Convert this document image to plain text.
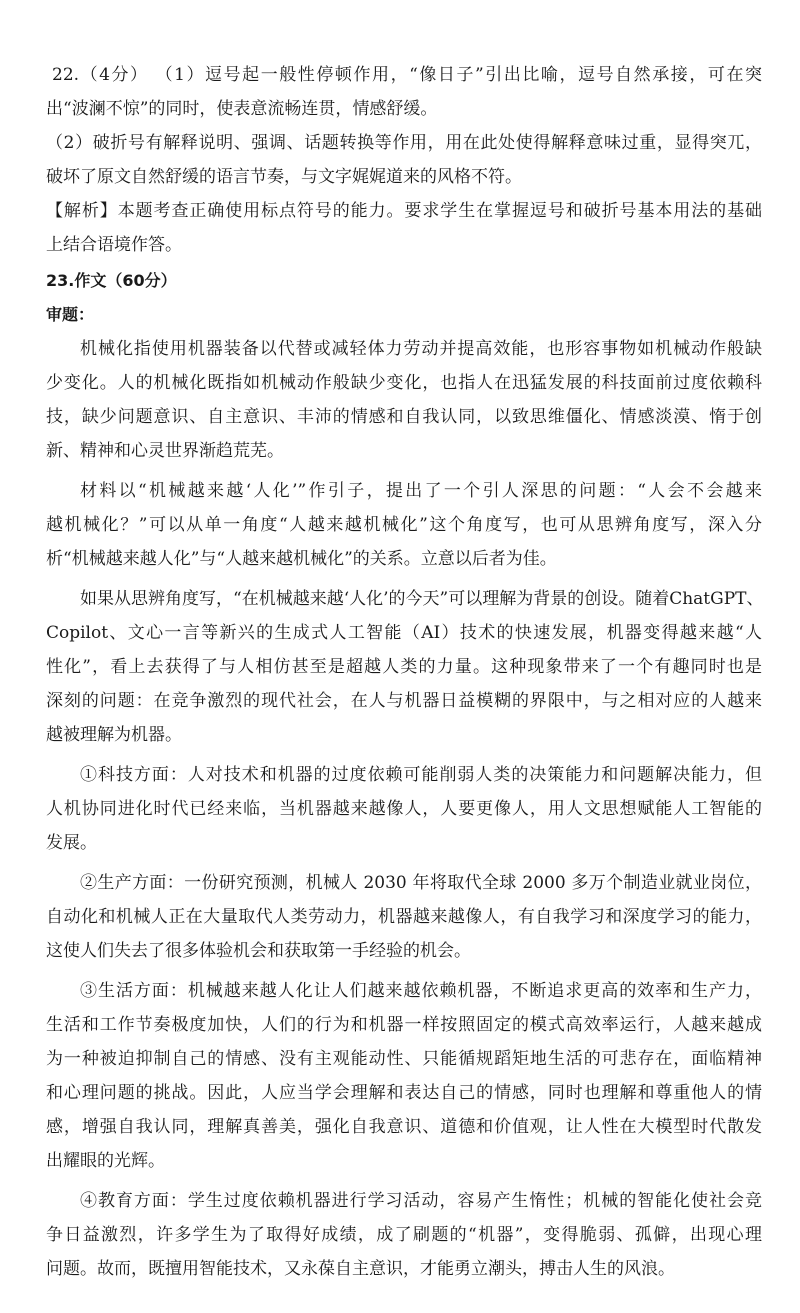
22.（4分） （1）逗号起一般性停顿作用，“像日子”引出比喻，逗号自然承接，可在突
出“波澜不惊”的同时，使表意流畅连贯，情感舒缓。
（2）破折号有解释说明、强调、话题转换等作用，用在此处使得解释意味过重，显得突兀，
破坏了原文自然舒缓的语言节奏，与文字娓娓道来的风格不符。
【解析】本题考查正确使用标点符号的能力。要求学生在掌握逗号和破折号基本用法的基础
上结合语境作答。
23.作文（60分）
审题：
机械化指使用机器装备以代替或减轻体力劳动并提高效能，也形容事物如机械动作般缺
少变化。人的机械化既指如机械动作般缺少变化，也指人在迅猛发展的科技面前过度依赖科
技，缺少问题意识、自主意识、丰沛的情感和自我认同，以致思维僵化、情感淡漠、惰于创
新、精神和心灵世界渐趋荒芜。
材料以“机械越来越‘人化’”作引子，提出了一个引人深思的问题：“人会不会越来
越机械化？”可以从单一角度“人越来越机械化”这个角度写，也可从思辨角度写，深入分
析“机械越来越人化”与“人越来越机械化”的关系。立意以后者为佳。
如果从思辨角度写，“在机械越来越‘人化’的今天”可以理解为背景的创设。随着ChatGPT、
Copilot、文心一言等新兴的生成式人工智能（AI）技术的快速发展，机器变得越来越“人
性化”，看上去获得了与人相仿甚至是超越人类的力量。这种现象带来了一个有趣同时也是
深刻的问题：在竞争激烈的现代社会，在人与机器日益模糊的界限中，与之相对应的人越来
越被理解为机器。
①科技方面：人对技术和机器的过度依赖可能削弱人类的决策能力和问题解决能力，但
人机协同进化时代已经来临，当机器越来越像人，人要更像人，用人文思想赋能人工智能的
发展。
②生产方面：一份研究预测，机械人 2030 年将取代全球 2000 多万个制造业就业岗位，
自动化和机械人正在大量取代人类劳动力，机器越来越像人，有自我学习和深度学习的能力，
这使人们失去了很多体验机会和获取第一手经验的机会。
③生活方面：机械越来越人化让人们越来越依赖机器，不断追求更高的效率和生产力，
生活和工作节奏极度加快，人们的行为和机器一样按照固定的模式高效率运行，人越来越成
为一种被迫抑制自己的情感、没有主观能动性、只能循规蹈矩地生活的可悲存在，面临精神
和心理问题的挑战。因此，人应当学会理解和表达自己的情感，同时也理解和尊重他人的情
感，增强自我认同，理解真善美，强化自我意识、道德和价值观，让人性在大模型时代散发
出耀眼的光辉。
④教育方面：学生过度依赖机器进行学习活动，容易产生惰性；机械的智能化使社会竞
争日益激烈，许多学生为了取得好成绩，成了刷题的“机器”，变得脆弱、孤僻，出现心理
问题。故而，既擅用智能技术，又永葆自主意识，才能勇立潮头，搏击人生的风浪。
